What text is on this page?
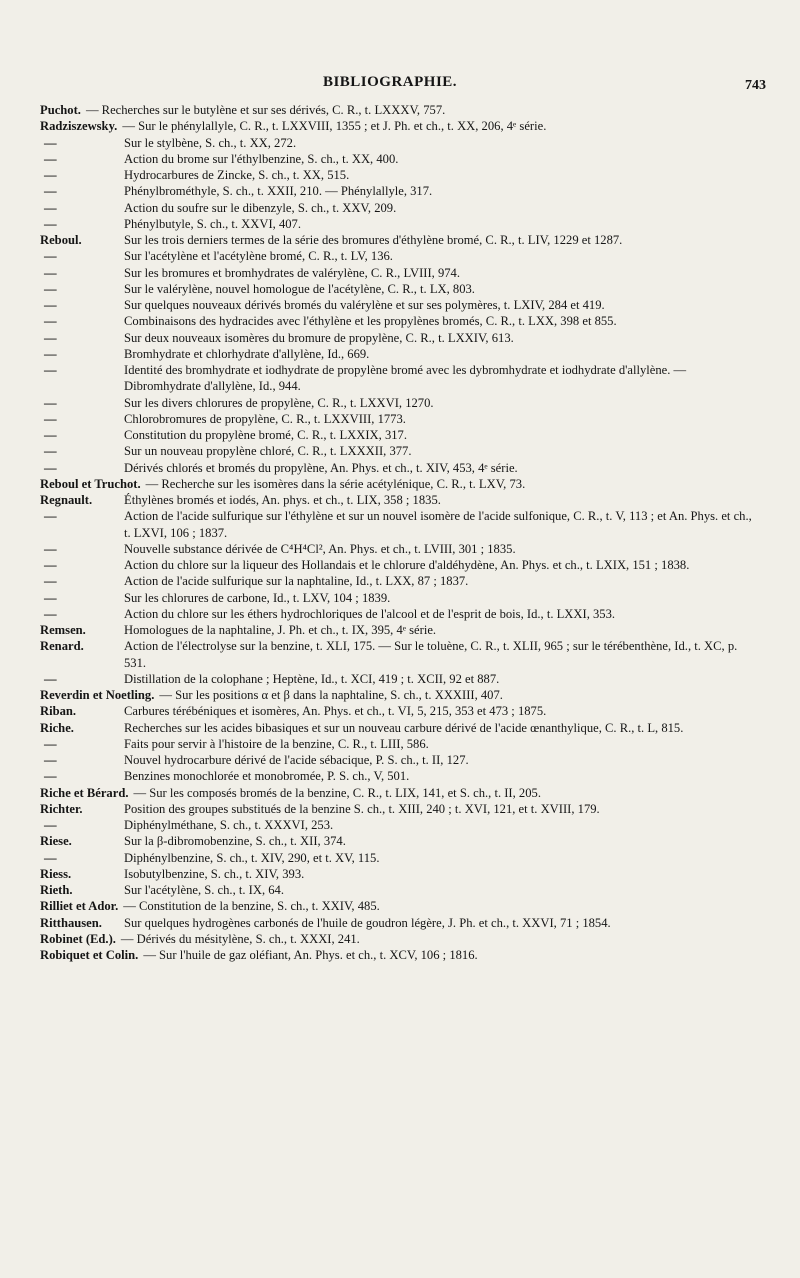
BIBLIOGRAPHIE.	743
Puchot. — Recherches sur le butylène et sur ses dérivés, C. R., t. LXXXV, 757.
Radziszewsky. — Sur le phénylallyle, C. R., t. LXXVIII, 1355 ; et J. Ph. et ch., t. XX, 206, 4ᵉ série.
—	Sur le stylbène, S. ch., t. XX, 272.
—	Action du brome sur l'éthylbenzine, S. ch., t. XX, 400.
—	Hydrocarbures de Zincke, S. ch., t. XX, 515.
—	Phénylbrométhyle, S. ch., t. XXII, 210. — Phénylallyle, 317.
—	Action du soufre sur le dibenzyle, S. ch., t. XXV, 209.
—	Phénylbutyle, S. ch., t. XXVI, 407.
Reboul.	Sur les trois derniers termes de la série des bromures d'éthylène bromé, C. R., t. LIV, 1229 et 1287.
—	Sur l'acétylène et l'acétylène bromé, C. R., t. LV, 136.
—	Sur les bromures et bromhydrates de valérylène, C. R., LVIII, 974.
—	Sur le valérylène, nouvel homologue de l'acétylène, C. R., t. LX, 803.
—	Sur quelques nouveaux dérivés bromés du valérylène et sur ses polymères, t. LXIV, 284 et 419.
—	Combinaisons des hydracides avec l'éthylène et les propylènes bromés, C. R., t. LXX, 398 et 855.
—	Sur deux nouveaux isomères du bromure de propylène, C. R., t. LXXIV, 613.
—	Bromhydrate et chlorhydrate d'allylène, Id., 669.
—	Identité des bromhydrate et iodhydrate de propylène bromé avec les dybromhydrate et iodhydrate d'allylène. — Dibromhydrate d'allylène, Id., 944.
—	Sur les divers chlorures de propylène, C. R., t. LXXVI, 1270.
—	Chlorobromures de propylène, C. R., t. LXXVIII, 1773.
—	Constitution du propylène bromé, C. R., t. LXXIX, 317.
—	Sur un nouveau propylène chloré, C. R., t. LXXXII, 377.
—	Dérivés chlorés et bromés du propylène, An. Phys. et ch., t. XIV, 453, 4ᵉ série.
Reboul et Truchot. — Recherche sur les isomères dans la série acétylénique, C. R., t. LXV, 73.
Regnault.	Éthylènes bromés et iodés, An. phys. et ch., t. LIX, 358 ; 1835.
—	Action de l'acide sulfurique sur l'éthylène et sur un nouvel isomère de l'acide sulfonique, C. R., t. V, 113 ; et An. Phys. et ch., t. LXVI, 106 ; 1837.
—	Nouvelle substance dérivée de C⁴H⁴Cl², An. Phys. et ch., t. LVIII, 301 ; 1835.
—	Action du chlore sur la liqueur des Hollandais et le chlorure d'aldéhydène, An. Phys. et ch., t. LXIX, 151 ; 1838.
—	Action de l'acide sulfurique sur la naphtaline, Id., t. LXX, 87 ; 1837.
—	Sur les chlorures de carbone, Id., t. LXV, 104 ; 1839.
—	Action du chlore sur les éthers hydrochloriques de l'alcool et de l'esprit de bois, Id., t. LXXI, 353.
Remsen.	Homologues de la naphtaline, J. Ph. et ch., t. IX, 395, 4ᵉ série.
Renard.	Action de l'électrolyse sur la benzine, t. XLI, 175. — Sur le toluène, C. R., t. XLII, 965 ; sur le térébenthène, Id., t. XC, p. 531.
—	Distillation de la colophane ; Heptène, Id., t. XCI, 419 ; t. XCII, 92 et 887.
Reverdin et Noetling. — Sur les positions α et β dans la naphtaline, S. ch., t. XXXIII, 407.
Riban.	Carbures térébéniques et isomères, An. Phys. et ch., t. VI, 5, 215, 353 et 473 ; 1875.
Riche.	Recherches sur les acides bibasiques et sur un nouveau carbure dérivé de l'acide œnanthylique, C. R., t. L, 815.
—	Faits pour servir à l'histoire de la benzine, C. R., t. LIII, 586.
—	Nouvel hydrocarbure dérivé de l'acide sébacique, P. S. ch., t. II, 127.
—	Benzines monochlorée et monobromée, P. S. ch., V, 501.
Riche et Bérard. — Sur les composés bromés de la benzine, C. R., t. LIX, 141, et S. ch., t. II, 205.
Richter.	Position des groupes substitués de la benzine S. ch., t. XIII, 240 ; t. XVI, 121, et t. XVIII, 179.
—	Diphénylméthane, S. ch., t. XXXVI, 253.
Riese.	Sur la β-dibromobenzine, S. ch., t. XII, 374.
—	Diphénylbenzine, S. ch., t. XIV, 290, et t. XV, 115.
Riess.	Isobutylbenzine, S. ch., t. XIV, 393.
Rieth.	Sur l'acétylène, S. ch., t. IX, 64.
Rilliet et Ador. — Constitution de la benzine, S. ch., t. XXIV, 485.
Ritthausen.	Sur quelques hydrogènes carbonés de l'huile de goudron légère, J. Ph. et ch., t. XXVI, 71 ; 1854.
Robinet (Ed.). — Dérivés du mésitylène, S. ch., t. XXXI, 241.
Robiquet et Colin. — Sur l'huile de gaz oléfiant, An. Phys. et ch., t. XCV, 106 ; 1816.
